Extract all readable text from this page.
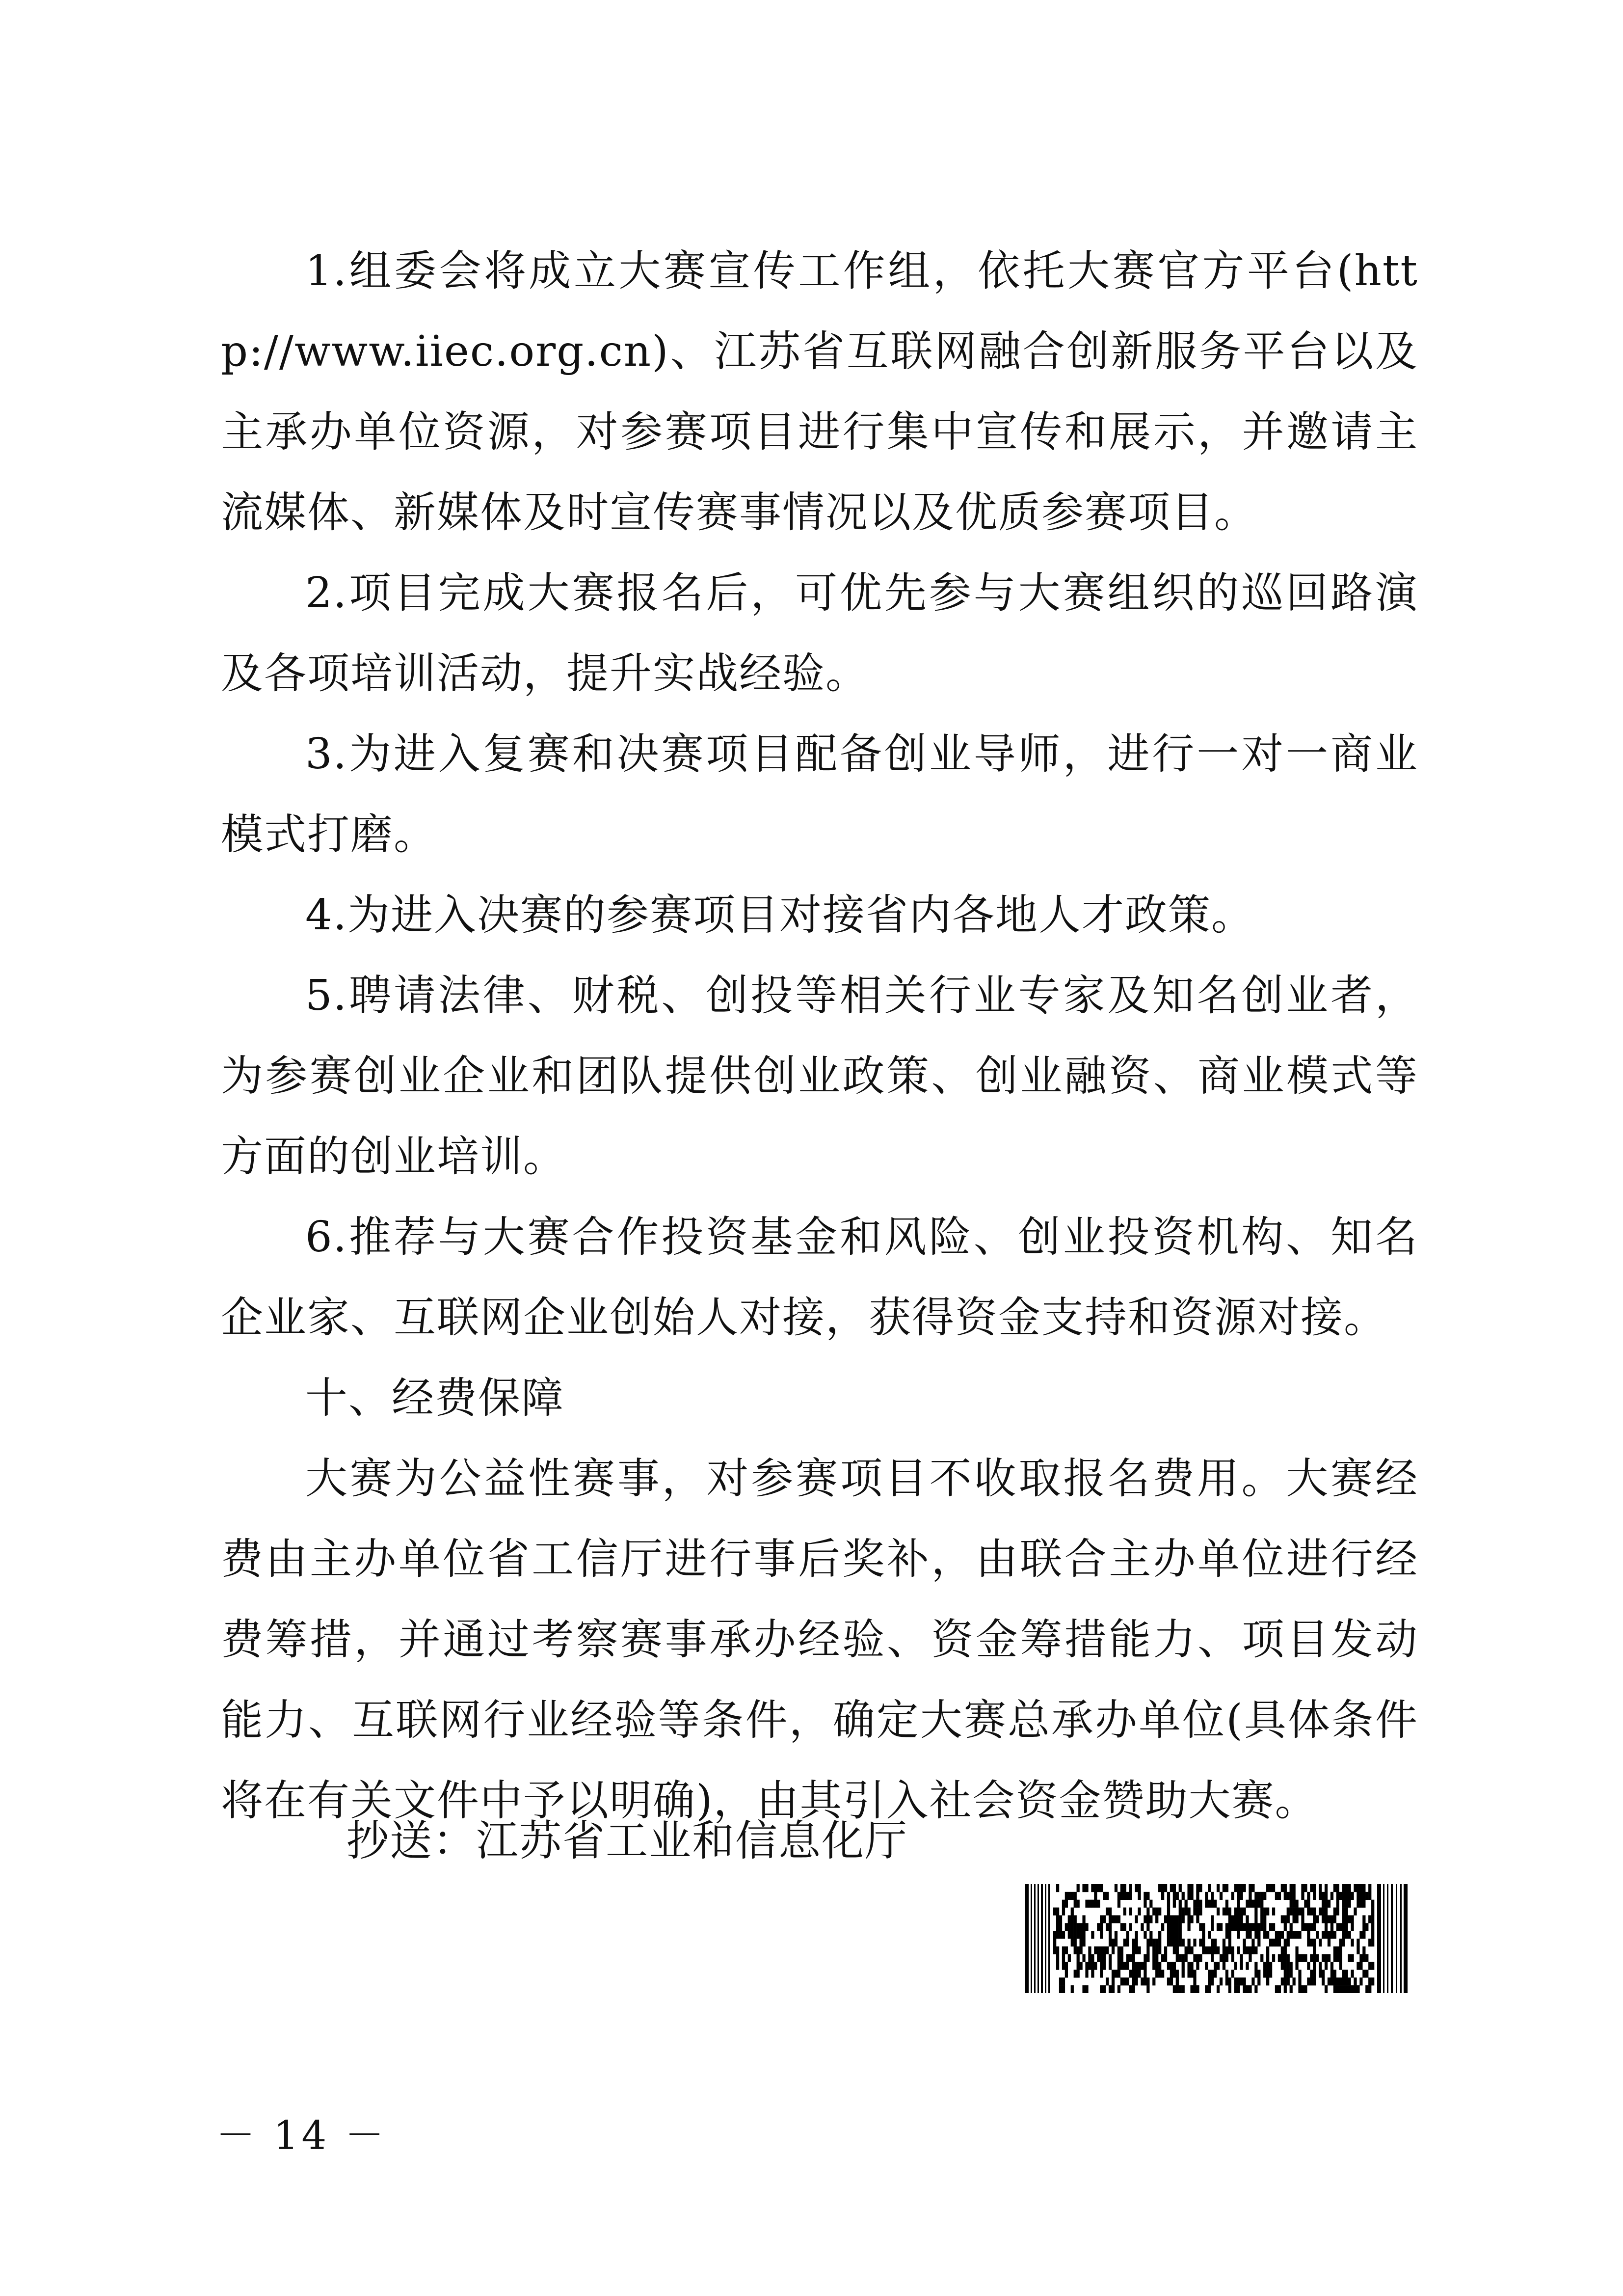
1.组委会将成立大赛宣传工作组，依托大赛官方平台(http://www.iiec.org.cn)、江苏省互联网融合创新服务平台以及主承办单位资源，对参赛项目进行集中宣传和展示，并邀请主流媒体、新媒体及时宣传赛事情况以及优质参赛项目。

2.项目完成大赛报名后，可优先参与大赛组织的巡回路演及各项培训活动，提升实战经验。

3.为进入复赛和决赛项目配备创业导师，进行一对一商业模式打磨。

4.为进入决赛的参赛项目对接省内各地人才政策。

5.聘请法律、财税、创投等相关行业专家及知名创业者，为参赛创业企业和团队提供创业政策、创业融资、商业模式等方面的创业培训。

6.推荐与大赛合作投资基金和风险、创业投资机构、知名企业家、互联网企业创始人对接，获得资金支持和资源对接。

十、经费保障

大赛为公益性赛事，对参赛项目不收取报名费用。大赛经费由主办单位省工信厅进行事后奖补，由联合主办单位进行经费筹措，并通过考察赛事承办经验、资金筹措能力、项目发动能力、互联网行业经验等条件，确定大赛总承办单位(具体条件将在有关文件中予以明确)，由其引入社会资金赞助大赛。

抄送：江苏省工业和信息化厅
－ 14 －
